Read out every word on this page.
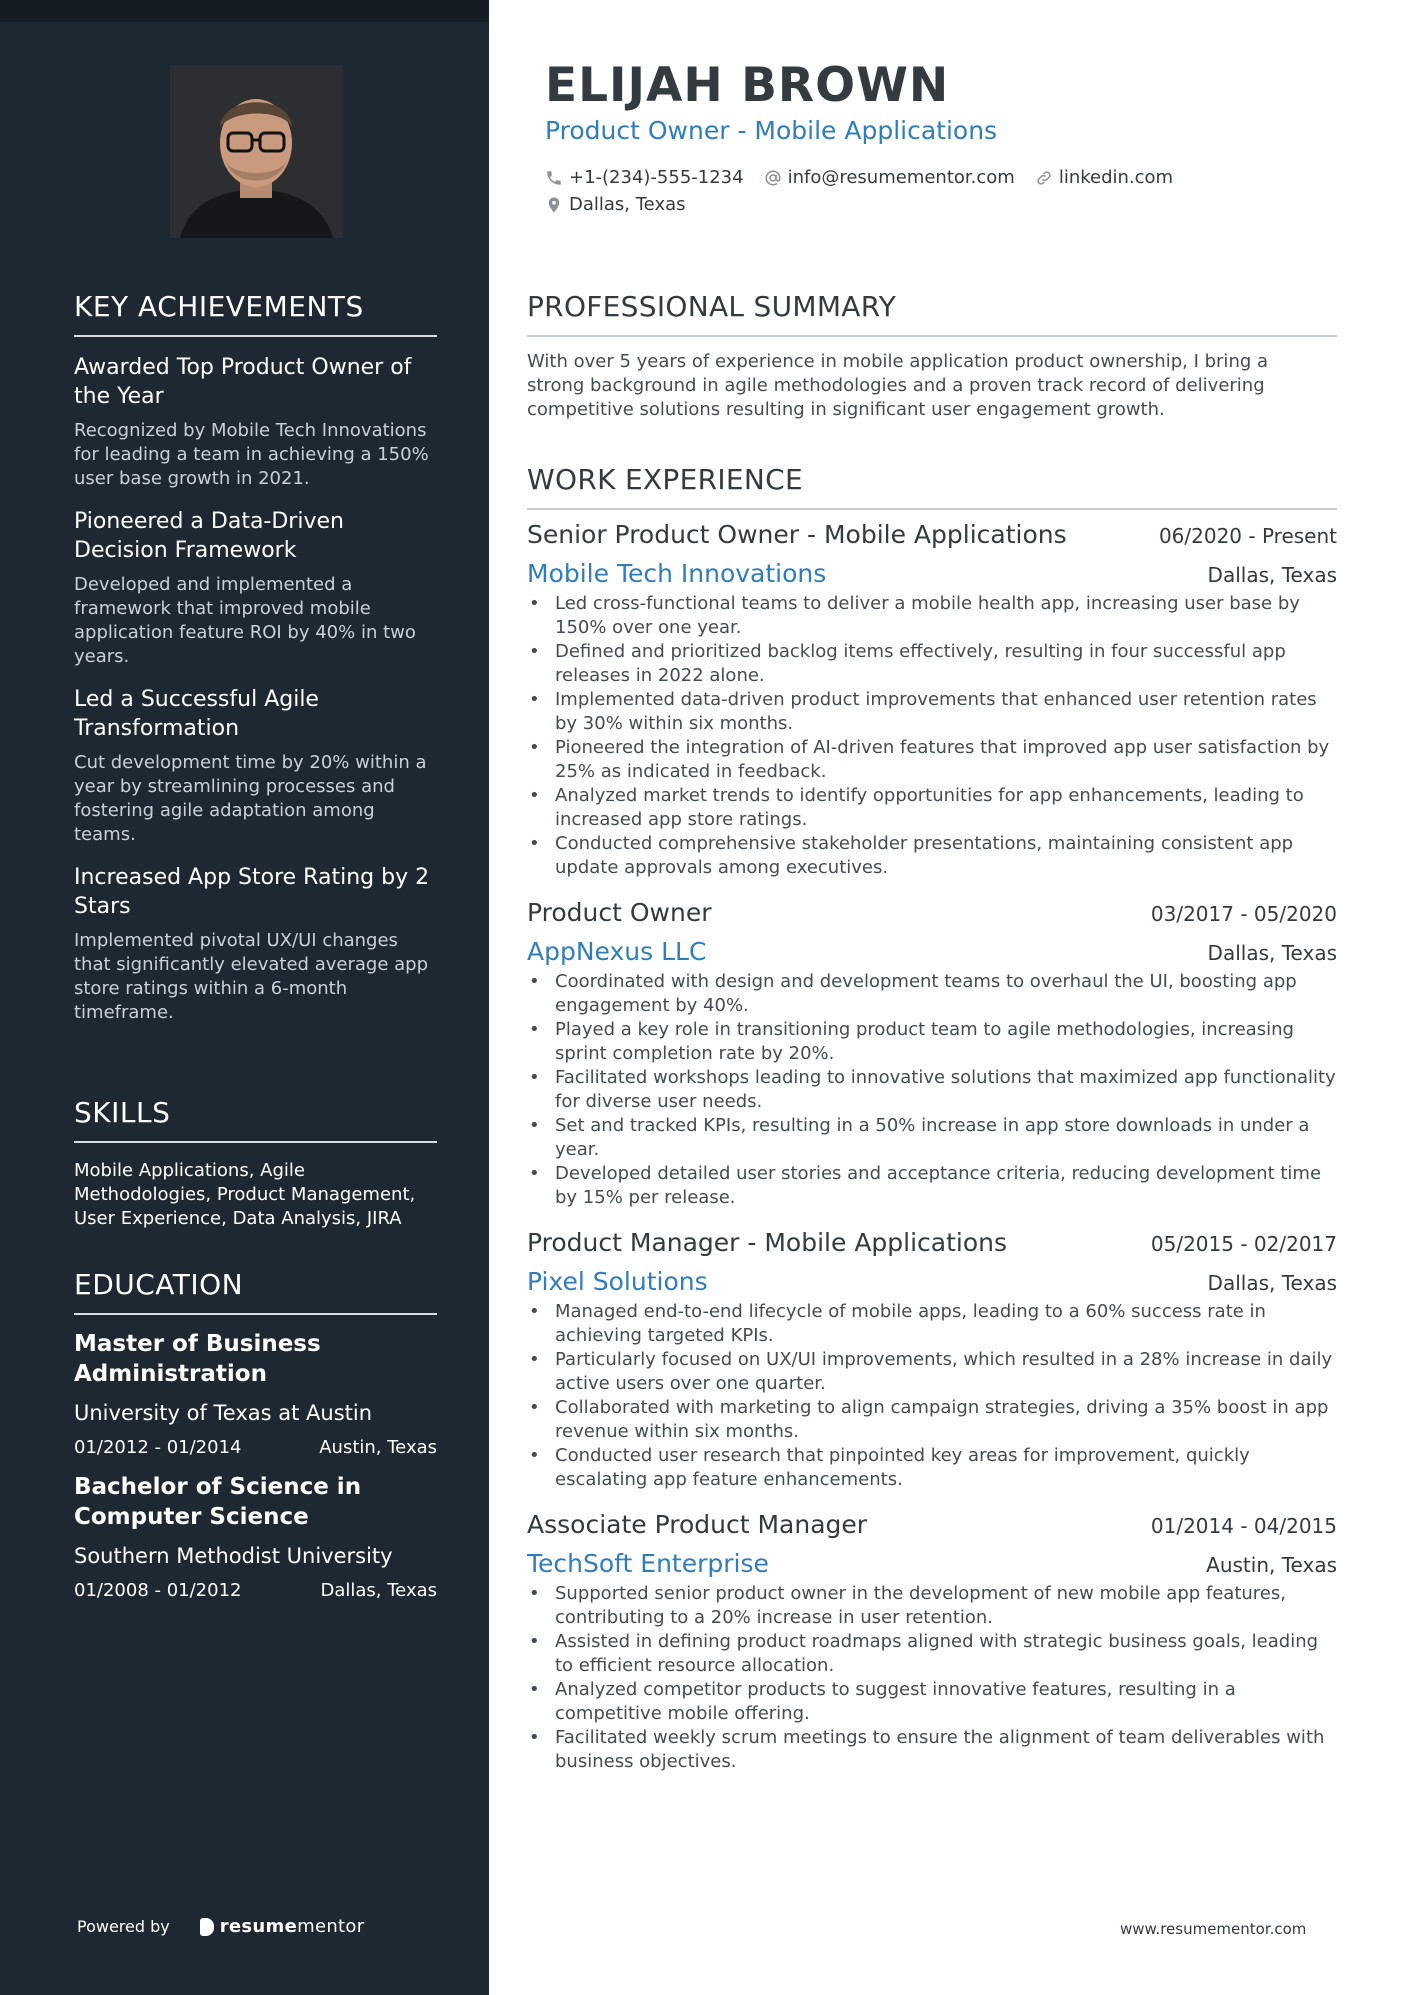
KEY ACHIEVEMENTS
Awarded Top Product Owner of the Year
Recognized by Mobile Tech Innovations for leading a team in achieving a 150% user base growth in 2021.
Pioneered a Data-Driven Decision Framework
Developed and implemented a framework that improved mobile application feature ROI by 40% in two years.
Led a Successful Agile Transformation
Cut development time by 20% within a year by streamlining processes and fostering agile adaptation among teams.
Increased App Store Rating by 2 Stars
Implemented pivotal UX/UI changes that significantly elevated average app store ratings within a 6-month timeframe.
SKILLS
Mobile Applications, Agile Methodologies, Product Management, User Experience, Data Analysis, JIRA
EDUCATION
Master of Business Administration
University of Texas at Austin
01/2012 - 01/2014	Austin, Texas
Bachelor of Science in Computer Science
Southern Methodist University
01/2008 - 01/2012	Dallas, Texas
Powered by	resume mentor
ELIJAH BROWN
Product Owner - Mobile Applications
+1-(234)-555-1234 info@resumementor.com linkedin.com
Dallas, Texas
PROFESSIONAL SUMMARY
With over 5 years of experience in mobile application product ownership, I bring a strong background in agile methodologies and a proven track record of delivering competitive solutions resulting in significant user engagement growth.
WORK EXPERIENCE
Senior Product Owner - Mobile Applications	06/2020 - Present
Mobile Tech Innovations	Dallas, Texas
• Led cross-functional teams to deliver a mobile health app, increasing user base by 150% over one year.
• Defined and prioritized backlog items effectively, resulting in four successful app releases in 2022 alone.
• Implemented data-driven product improvements that enhanced user retention rates by 30% within six months.
• Pioneered the integration of AI-driven features that improved app user satisfaction by 25% as indicated in feedback.
• Analyzed market trends to identify opportunities for app enhancements, leading to increased app store ratings.
• Conducted comprehensive stakeholder presentations, maintaining consistent app update approvals among executives.
Product Owner	03/2017 - 05/2020
AppNexus LLC	Dallas, Texas
• Coordinated with design and development teams to overhaul the UI, boosting app engagement by 40%.
• Played a key role in transitioning product team to agile methodologies, increasing sprint completion rate by 20%.
• Facilitated workshops leading to innovative solutions that maximized app functionality for diverse user needs.
• Set and tracked KPIs, resulting in a 50% increase in app store downloads in under a year.
• Developed detailed user stories and acceptance criteria, reducing development time by 15% per release.
Product Manager - Mobile Applications	05/2015 - 02/2017
Pixel Solutions	Dallas, Texas
• Managed end-to-end lifecycle of mobile apps, leading to a 60% success rate in achieving targeted KPIs.
• Particularly focused on UX/UI improvements, which resulted in a 28% increase in daily active users over one quarter.
• Collaborated with marketing to align campaign strategies, driving a 35% boost in app revenue within six months.
• Conducted user research that pinpointed key areas for improvement, quickly escalating app feature enhancements.
Associate Product Manager	01/2014 - 04/2015
TechSoft Enterprise	Austin, Texas
• Supported senior product owner in the development of new mobile app features, contributing to a 20% increase in user retention.
• Assisted in defining product roadmaps aligned with strategic business goals, leading to efficient resource allocation.
• Analyzed competitor products to suggest innovative features, resulting in a competitive mobile offering.
• Facilitated weekly scrum meetings to ensure the alignment of team deliverables with business objectives.
www.resumementor.com
